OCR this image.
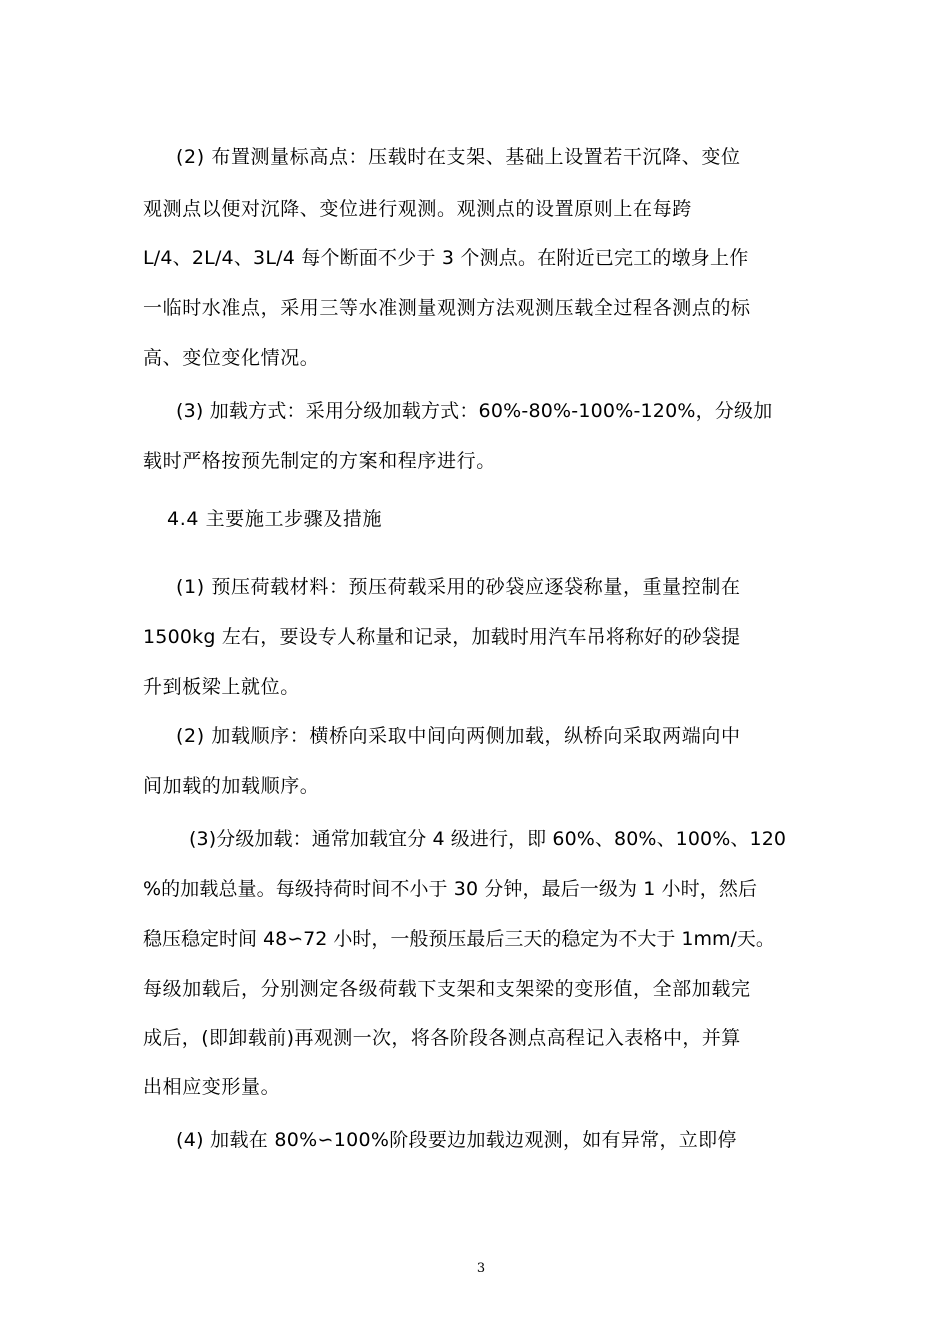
(2) 布置测量标高点：压载时在支架、基础上设置若干沉降、变位
观测点以便对沉降、变位进行观测。观测点的设置原则上在每跨
L/4、2L/4、3L/4 每个断面不少于 3 个测点。在附近已完工的墩身上作
一临时水准点，采用三等水准测量观测方法观测压载全过程各测点的标
高、变位变化情况。
(3) 加载方式：采用分级加载方式：60%-80%-100%-120%，分级加
载时严格按预先制定的方案和程序进行。
4.4 主要施工步骤及措施
(1) 预压荷载材料：预压荷载采用的砂袋应逐袋称量，重量控制在
1500kg 左右，要设专人称量和记录，加载时用汽车吊将称好的砂袋提
升到板梁上就位。
(2) 加载顺序：横桥向采取中间向两侧加载，纵桥向采取两端向中
间加载的加载顺序。
(3)分级加载：通常加载宜分 4 级进行，即 60%、80%、100%、120
%的加载总量。每级持荷时间不小于 30 分钟，最后一级为 1 小时，然后
稳压稳定时间 48∽72 小时，一般预压最后三天的稳定为不大于 1mm/天。
每级加载后，分别测定各级荷载下支架和支架梁的变形值，全部加载完
成后，(即卸载前)再观测一次，将各阶段各测点高程记入表格中，并算
出相应变形量。
(4) 加载在 80%∽100%阶段要边加载边观测，如有异常，立即停
3
